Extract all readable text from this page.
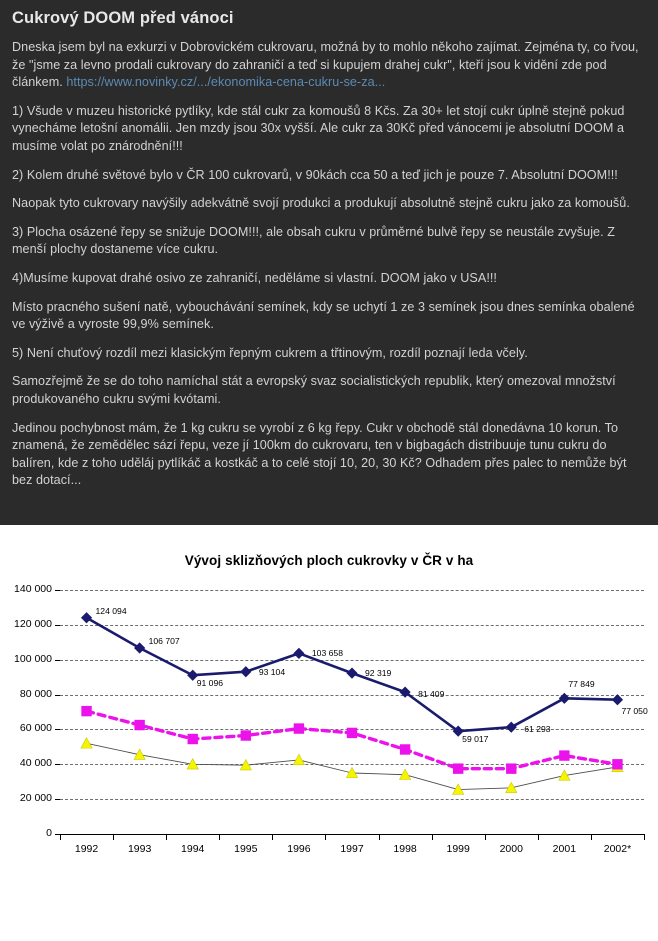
Cukrový DOOM před vánoci

Dneska jsem byl na exkurzi v Dobrovickém cukrovaru, možná by to mohlo někoho zajímat. Zejména ty, co řvou, že "jsme za levno prodali cukrovary do zahraničí a teď si kupujem drahej cukr", kteří jsou k vidění zde pod článkem. https://www.novinky.cz/.../ekonomika-cena-cukru-se-za...

1) Všude v muzeu historické pytlíky, kde stál cukr za komoušů 8 Kčs. Za 30+ let stojí cukr úplně stejně pokud vynecháme letošní anomálii. Jen mzdy jsou 30x vyšší. Ale cukr za 30Kč před vánocemi je absolutní DOOM a musíme volat po znárodnění!!!

2) Kolem druhé světové bylo v ČR 100 cukrovarů, v 90kách cca 50 a teď jich je pouze 7. Absolutní DOOM!!!

Naopak tyto cukrovary navýšily adekvátně svojí produkci a produkují absolutně stejně cukru jako za komoušů.

3) Plocha osázené řepy se snižuje DOOM!!!, ale obsah cukru v průměrné bulvě řepy se neustále zvyšuje. Z menší plochy dostaneme více cukru.

4)Musíme kupovat drahé osivo ze zahraničí, neděláme si vlastní. DOOM jako v USA!!!

Místo pracného sušení natě, vybouchávání semínek, kdy se uchytí 1 ze 3 semínek jsou dnes semínka obalené ve výživě a vyroste 99,9% semínek.

5) Není chuťový rozdíl mezi klasickým řepným cukrem a třtinovým, rozdíl poznají leda včely.

Samozřejmě že se do toho namíchal stát a evropský svaz socialistických republik, který omezoval množství produkovaného cukru svými kvótami.

Jedinou pochybnost mám, že 1 kg cukru se vyrobí z 6 kg řepy. Cukr v obchodě stál donedávna 10 korun. To znamená, že zemědělec sází řepu, veze jí 100km do cukrovaru, ten v bigbagách distribuuje tunu cukru do balíren, kde z toho uděláj pytlíkáč a kostkáč a to celé stojí 10, 20, 30 Kč? Odhadem přes palec to nemůže být bez dotací...

Vývoj sklizňových ploch cukrovky v ČR v ha
0
20 000
40 000
60 000
80 000
100 000
120 000
140 000
1992	1993	1994	1995	1996	1997	1998	1999	2000	2001	2002*
124 094
106 707
91 096
93 104
103 658
92 319
81 409
59 017
61 293
77 849
77 050
